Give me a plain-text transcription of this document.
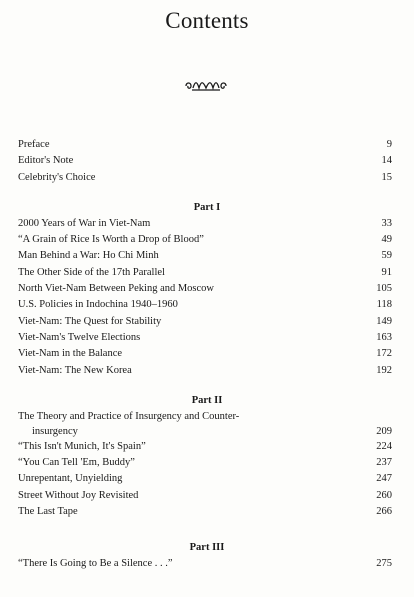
Contents
Preface	9
Editor's Note	14
Celebrity's Choice	15
Part I
2000 Years of War in Viet-Nam	33
“A Grain of Rice Is Worth a Drop of Blood”	49
Man Behind a War: Ho Chi Minh	59
The Other Side of the 17th Parallel	91
North Viet-Nam Between Peking and Moscow	105
U.S. Policies in Indochina 1940–1960	118
Viet-Nam: The Quest for Stability	149
Viet-Nam's Twelve Elections	163
Viet-Nam in the Balance	172
Viet-Nam: The New Korea	192
Part II
The Theory and Practice of Insurgency and Counter-
insurgency	209
“This Isn't Munich, It's Spain”	224
“You Can Tell 'Em, Buddy”	237
Unrepentant, Unyielding	247
Street Without Joy Revisited	260
The Last Tape	266
Part III
“There Is Going to Be a Silence . . .”	275
